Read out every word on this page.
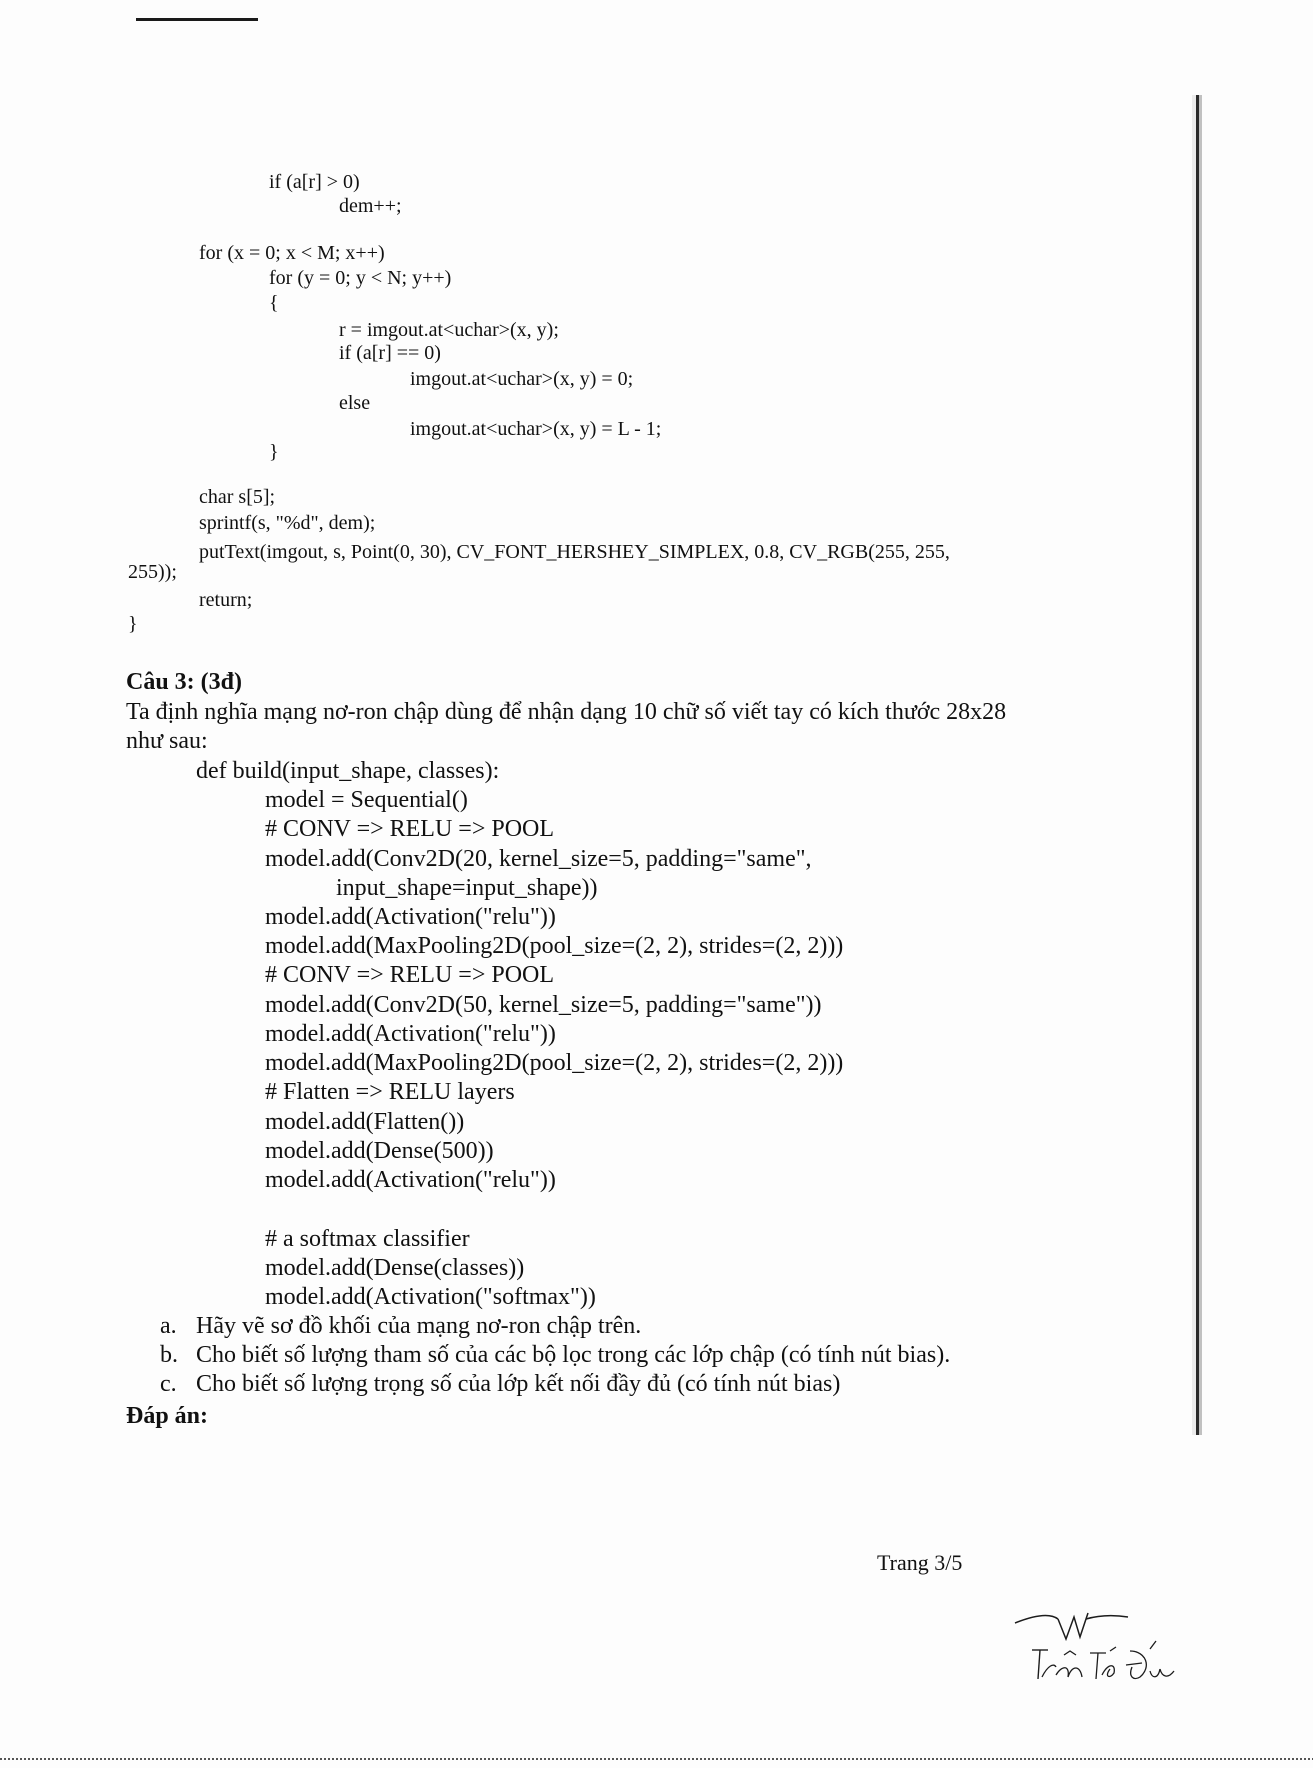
if (a[r] > 0)
dem++;
for (x = 0; x < M; x++)
for (y = 0; y < N; y++)
{
r = imgout.at<uchar>(x, y);
if (a[r] == 0)
imgout.at<uchar>(x, y) = 0;
else
imgout.at<uchar>(x, y) = L - 1;
}
char s[5];
sprintf(s, "%d", dem);
putText(imgout, s, Point(0, 30), CV_FONT_HERSHEY_SIMPLEX, 0.8, CV_RGB(255, 255,
255));
return;
}
Câu 3: (3đ)
Ta định nghĩa mạng nơ-ron chập dùng để nhận dạng 10 chữ số viết tay có kích thước 28x28
như sau:
def build(input_shape, classes):
model = Sequential()
# CONV => RELU => POOL
model.add(Conv2D(20, kernel_size=5, padding="same",
input_shape=input_shape))
model.add(Activation("relu"))
model.add(MaxPooling2D(pool_size=(2, 2), strides=(2, 2)))
# CONV => RELU => POOL
model.add(Conv2D(50, kernel_size=5, padding="same"))
model.add(Activation("relu"))
model.add(MaxPooling2D(pool_size=(2, 2), strides=(2, 2)))
# Flatten => RELU layers
model.add(Flatten())
model.add(Dense(500))
model.add(Activation("relu"))
# a softmax classifier
model.add(Dense(classes))
model.add(Activation("softmax"))
a. Hãy vẽ sơ đồ khối của mạng nơ-ron chập trên.
b. Cho biết số lượng tham số của các bộ lọc trong các lớp chập (có tính nút bias).
c. Cho biết số lượng trọng số của lớp kết nối đầy đủ (có tính nút bias)
Đáp án:
Trang 3/5
